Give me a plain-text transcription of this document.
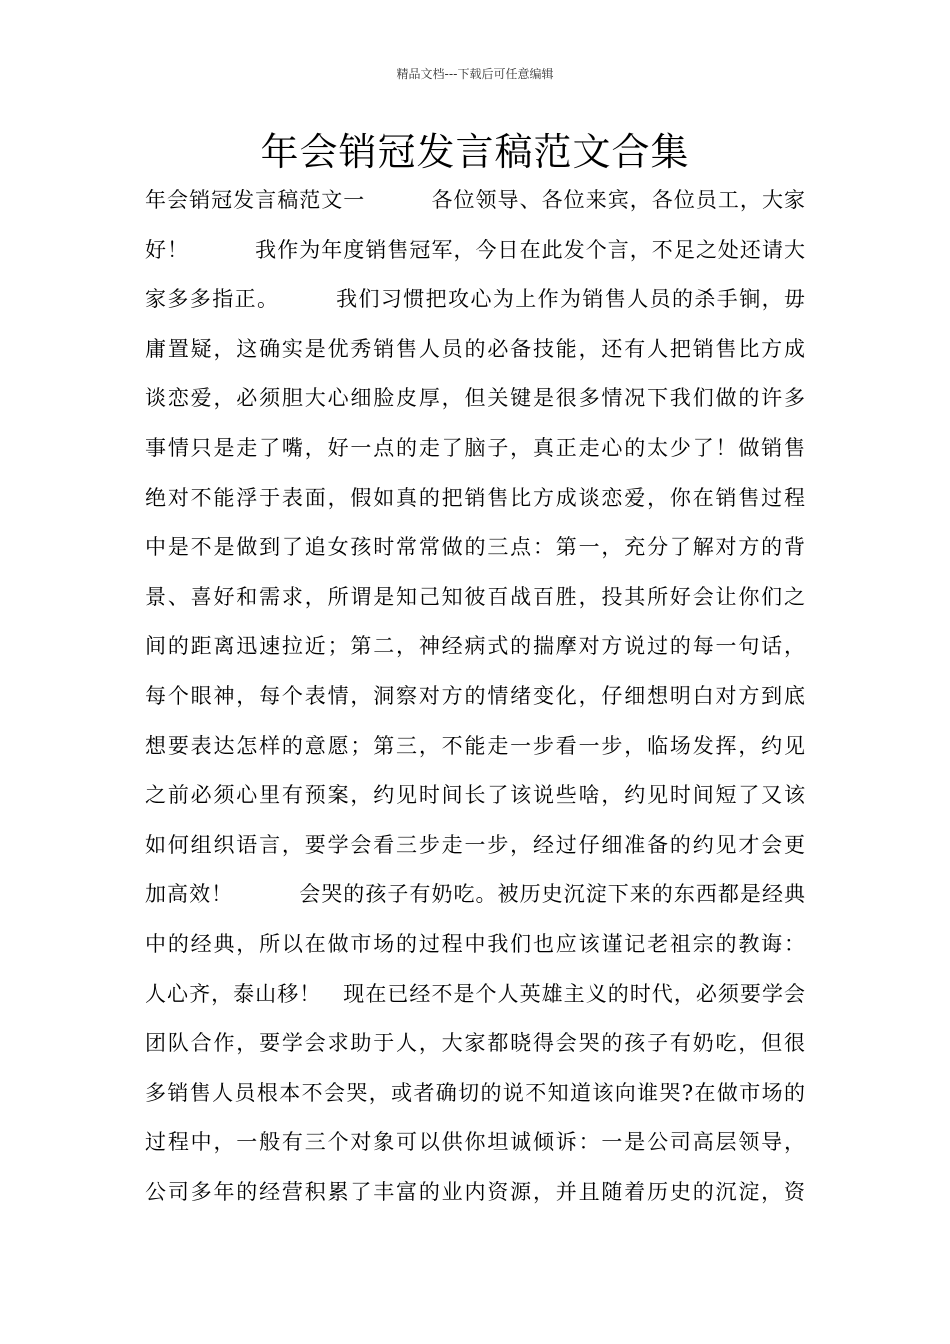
精品文档---下载后可任意编辑
年会销冠发言稿范文合集
年会销冠发言稿范文一　　　各位领导、各位来宾，各位员工，大家
好！　　　我作为年度销售冠军，今日在此发个言，不足之处还请大
家多多指正。　　　我们习惯把攻心为上作为销售人员的杀手锏，毋
庸置疑，这确实是优秀销售人员的必备技能，还有人把销售比方成
谈恋爱，必须胆大心细脸皮厚，但关键是很多情况下我们做的许多
事情只是走了嘴，好一点的走了脑子，真正走心的太少了！做销售
绝对不能浮于表面，假如真的把销售比方成谈恋爱，你在销售过程
中是不是做到了追女孩时常常做的三点：第一，充分了解对方的背
景、喜好和需求，所谓是知己知彼百战百胜，投其所好会让你们之
间的距离迅速拉近；第二，神经病式的揣摩对方说过的每一句话，
每个眼神，每个表情，洞察对方的情绪变化，仔细想明白对方到底
想要表达怎样的意愿；第三，不能走一步看一步，临场发挥，约见
之前必须心里有预案，约见时间长了该说些啥，约见时间短了又该
如何组织语言，要学会看三步走一步，经过仔细准备的约见才会更
加高效！　　　会哭的孩子有奶吃。被历史沉淀下来的东西都是经典
中的经典，所以在做市场的过程中我们也应该谨记老祖宗的教诲：
人心齐，泰山移！　现在已经不是个人英雄主义的时代，必须要学会
团队合作，要学会求助于人，大家都晓得会哭的孩子有奶吃，但很
多销售人员根本不会哭，或者确切的说不知道该向谁哭?在做市场的
过程中，一般有三个对象可以供你坦诚倾诉：一是公司高层领导，
公司多年的经营积累了丰富的业内资源，并且随着历史的沉淀，资
